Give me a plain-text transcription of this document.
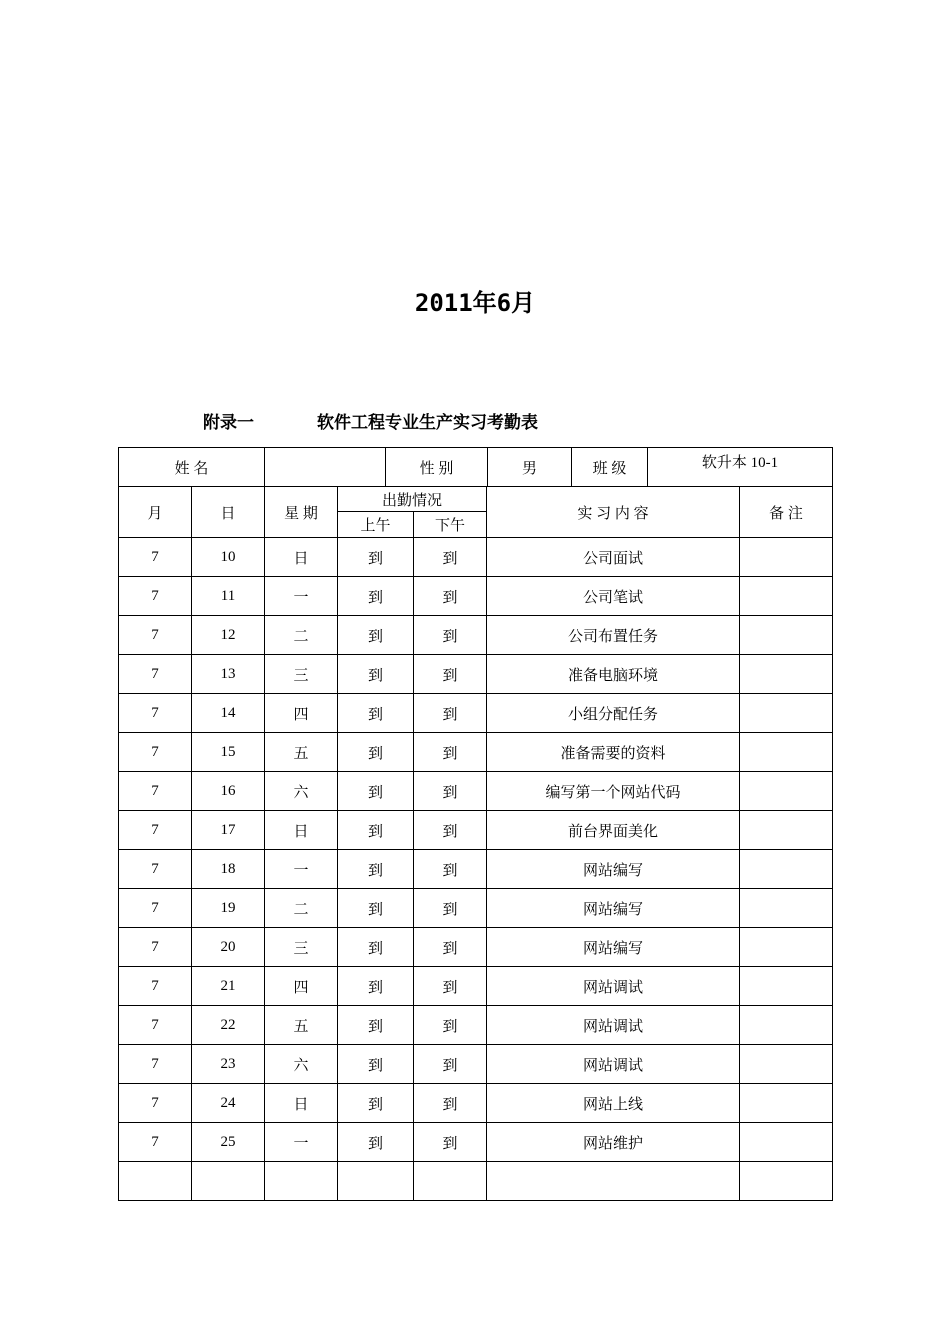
2011年6月
附录一	软件工程专业生产实习考勤表
姓 名		性 别	男	班 级	软升本 10-1
月	日	星 期	出勤情况		实 习 内 容	备 注
			上午	下午		
7	10	日	到	到	公司面试	
7	11	一	到	到	公司笔试	
7	12	二	到	到	公司布置任务	
7	13	三	到	到	准备电脑环境	
7	14	四	到	到	小组分配任务	
7	15	五	到	到	准备需要的资料	
7	16	六	到	到	编写第一个网站代码	
7	17	日	到	到	前台界面美化	
7	18	一	到	到	网站编写	
7	19	二	到	到	网站编写	
7	20	三	到	到	网站编写	
7	21	四	到	到	网站调试	
7	22	五	到	到	网站调试	
7	23	六	到	到	网站调试	
7	24	日	到	到	网站上线	
7	25	一	到	到	网站维护	
